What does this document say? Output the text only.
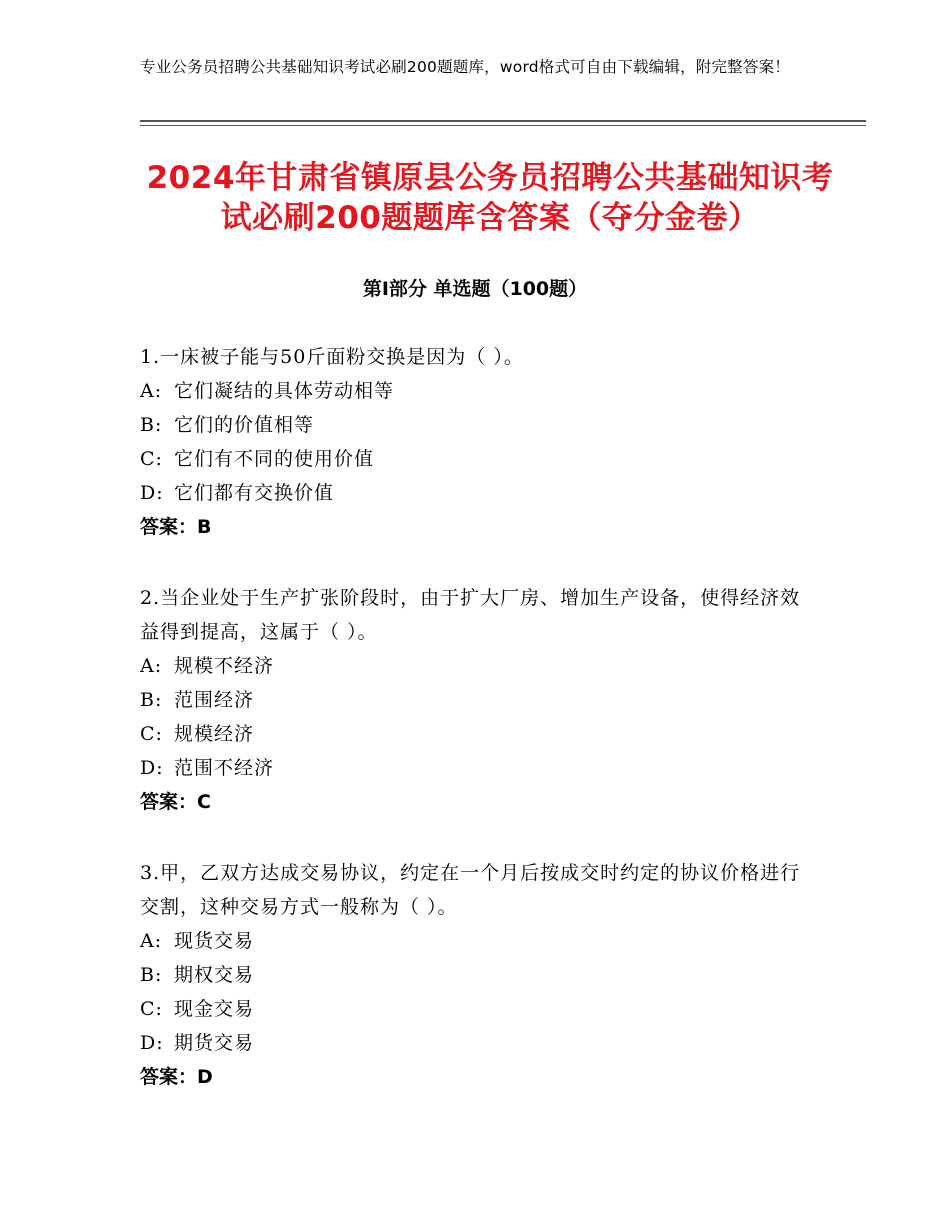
专业公务员招聘公共基础知识考试必刷200题题库，word格式可自由下载编辑，附完整答案！
2024年甘肃省镇原县公务员招聘公共基础知识考试必刷200题题库含答案（夺分金卷）
第Ⅰ部分 单选题（100题）
1.一床被子能与50斤面粉交换是因为（ ）。
A: 它们凝结的具体劳动相等
B: 它们的价值相等
C: 它们有不同的使用价值
D: 它们都有交换价值
答案：B
2.当企业处于生产扩张阶段时，由于扩大厂房、增加生产设备，使得经济效益得到提高，这属于（ ）。
A: 规模不经济
B: 范围经济
C: 规模经济
D: 范围不经济
答案：C
3.甲，乙双方达成交易协议，约定在一个月后按成交时约定的协议价格进行交割，这种交易方式一般称为（ ）。
A: 现货交易
B: 期权交易
C: 现金交易
D: 期货交易
答案：D
